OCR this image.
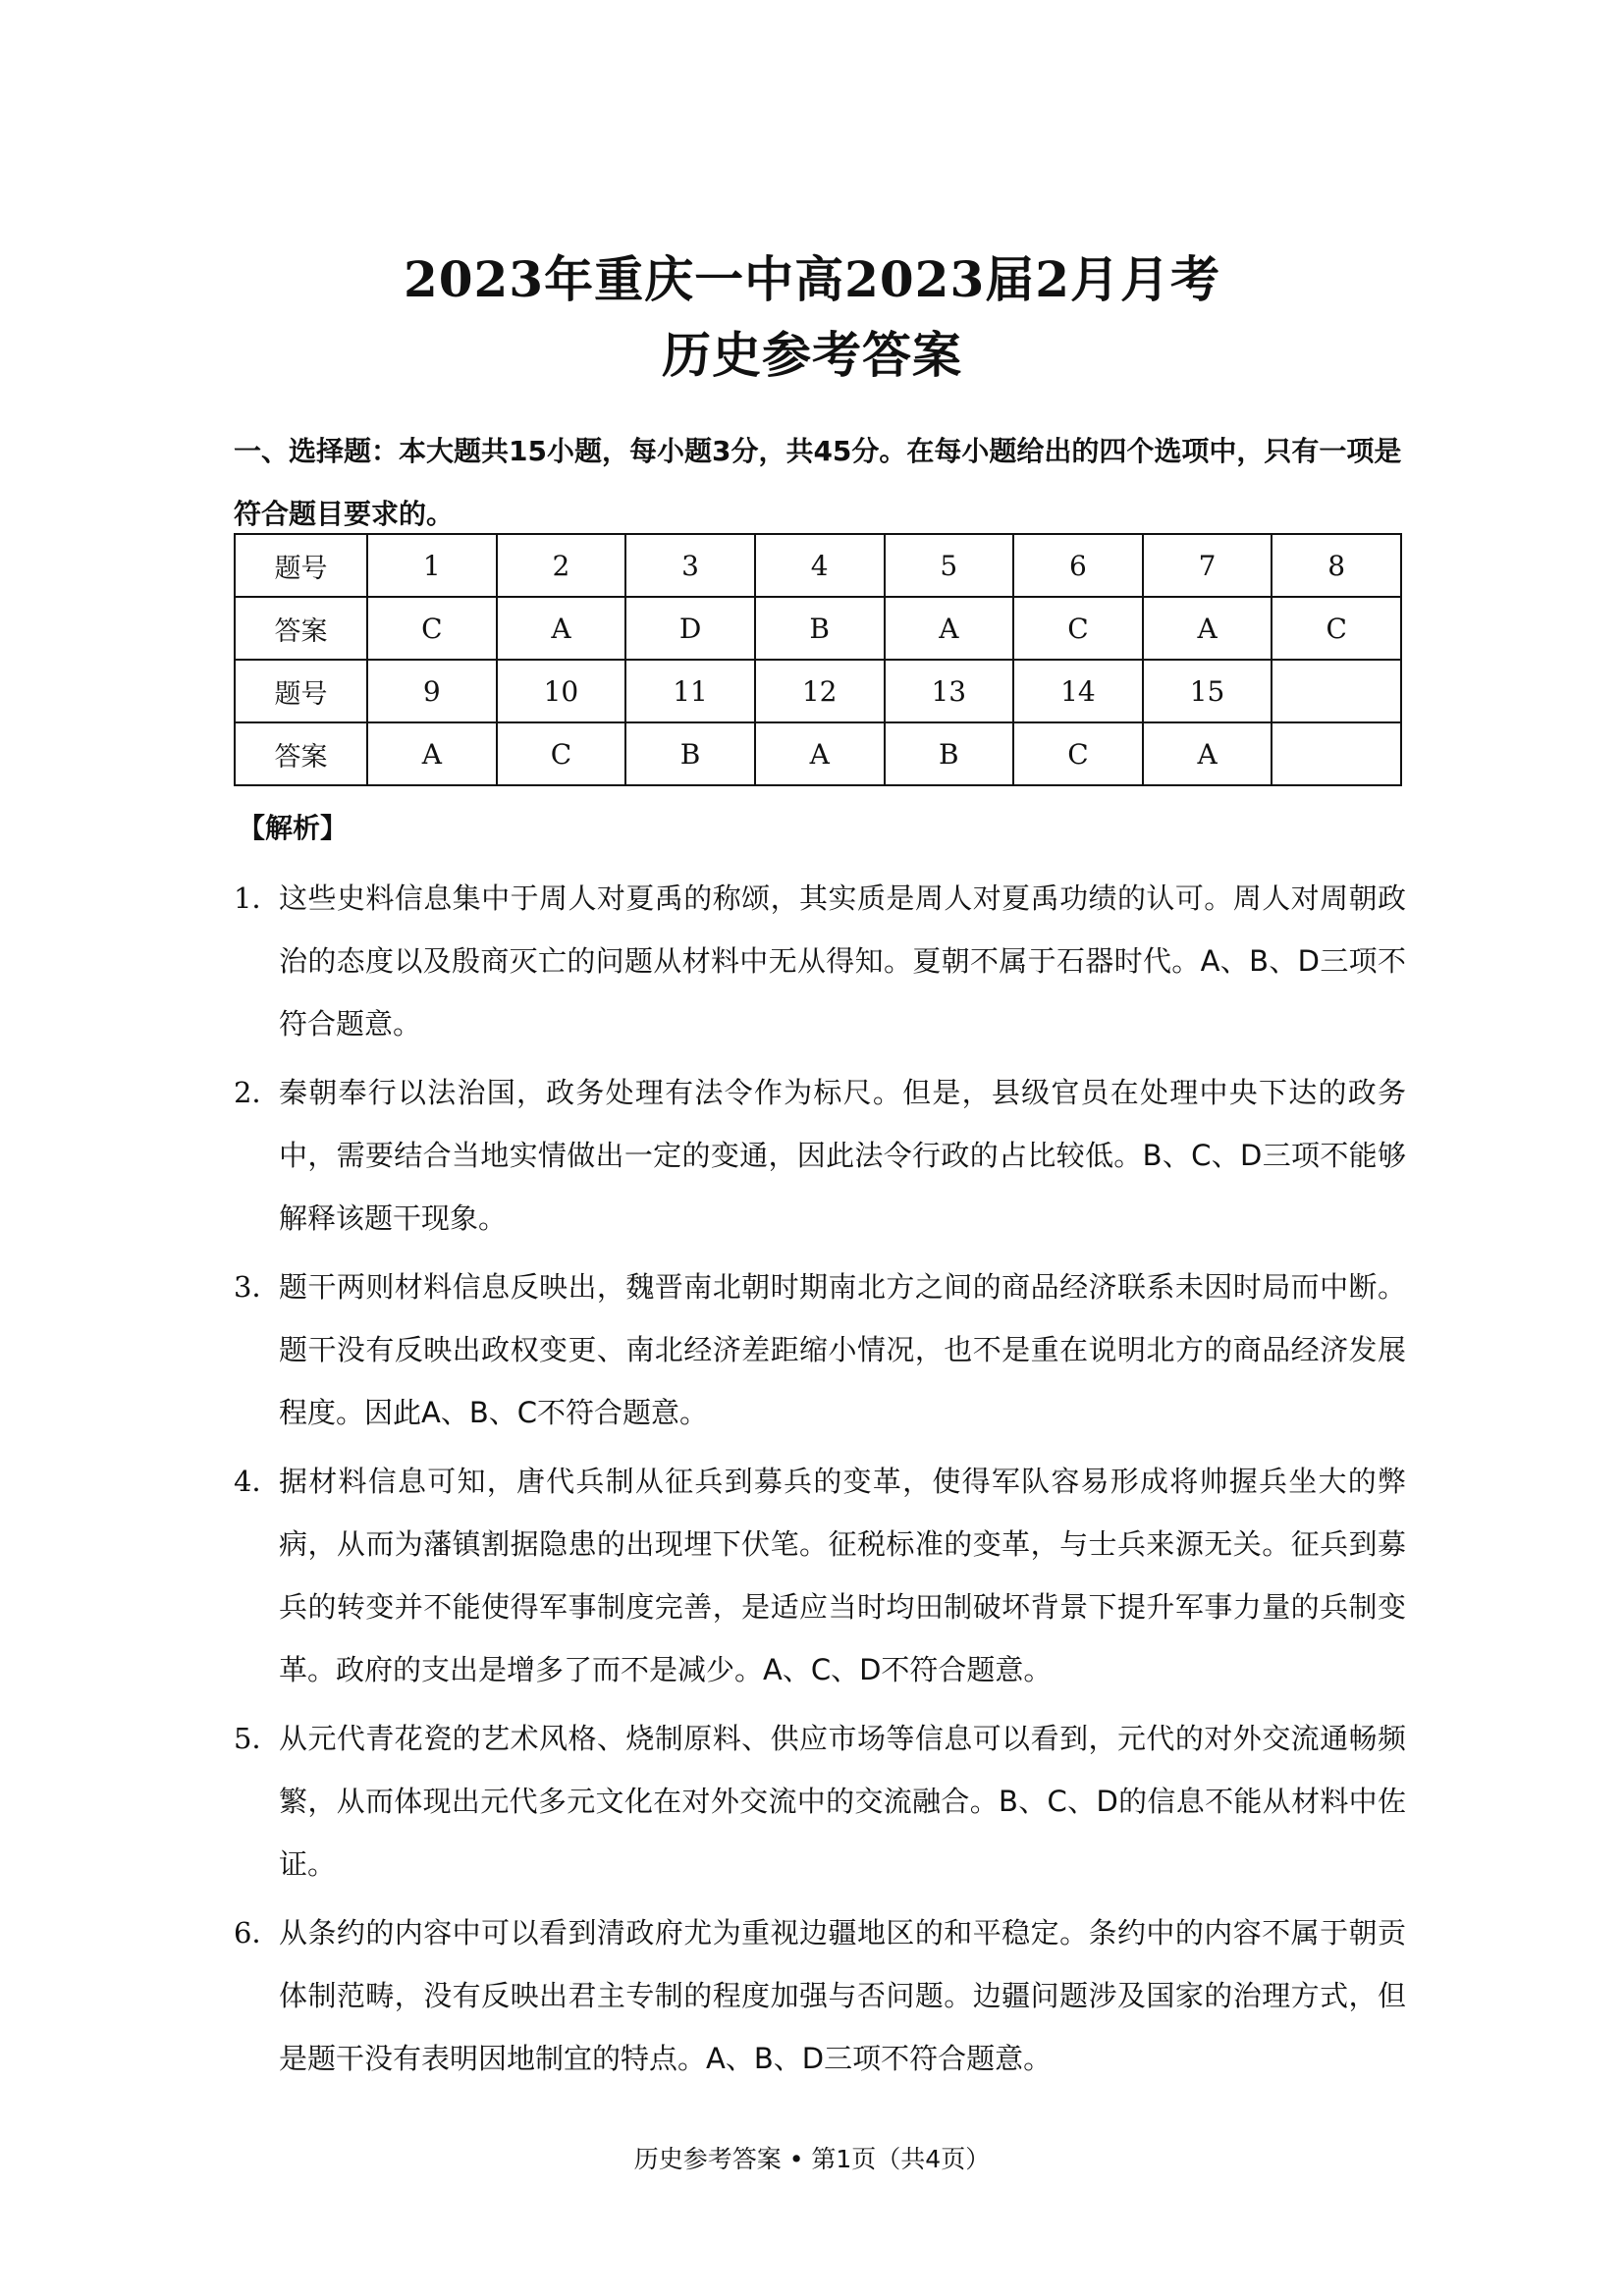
2023年重庆一中高2023届2月月考
历史参考答案

一、选择题：本大题共15小题，每小题3分，共45分。在每小题给出的四个选项中，只有一项是符合题目要求的。

题号	1	2	3	4	5	6	7	8
答案	C	A	D	B	A	C	A	C
题号	9	10	11	12	13	14	15	
答案	A	C	B	A	B	C	A	

【解析】

1．
这些史料信息集中于周人对夏禹的称颂，其实质是周人对夏禹功绩的认可。周人对周朝政治的态度以及殷商灭亡的问题从材料中无从得知。夏朝不属于石器时代。A、B、D三项不符合题意。
2．
秦朝奉行以法治国，政务处理有法令作为标尺。但是，县级官员在处理中央下达的政务中，需要结合当地实情做出一定的变通，因此法令行政的占比较低。B、C、D三项不能够解释该题干现象。
3．
题干两则材料信息反映出，魏晋南北朝时期南北方之间的商品经济联系未因时局而中断。题干没有反映出政权变更、南北经济差距缩小情况，也不是重在说明北方的商品经济发展程度。因此A、B、C不符合题意。
4．
据材料信息可知，唐代兵制从征兵到募兵的变革，使得军队容易形成将帅握兵坐大的弊病，从而为藩镇割据隐患的出现埋下伏笔。征税标准的变革，与士兵来源无关。征兵到募兵的转变并不能使得军事制度完善，是适应当时均田制破坏背景下提升军事力量的兵制变革。政府的支出是增多了而不是减少。A、C、D不符合题意。
5．
从元代青花瓷的艺术风格、烧制原料、供应市场等信息可以看到，元代的对外交流通畅频繁，从而体现出元代多元文化在对外交流中的交流融合。B、C、D的信息不能从材料中佐证。
6．
从条约的内容中可以看到清政府尤为重视边疆地区的和平稳定。条约中的内容不属于朝贡体制范畴，没有反映出君主专制的程度加强与否问题。边疆问题涉及国家的治理方式，但是题干没有表明因地制宜的特点。A、B、D三项不符合题意。

历史参考答案 • 第1页（共4页）
